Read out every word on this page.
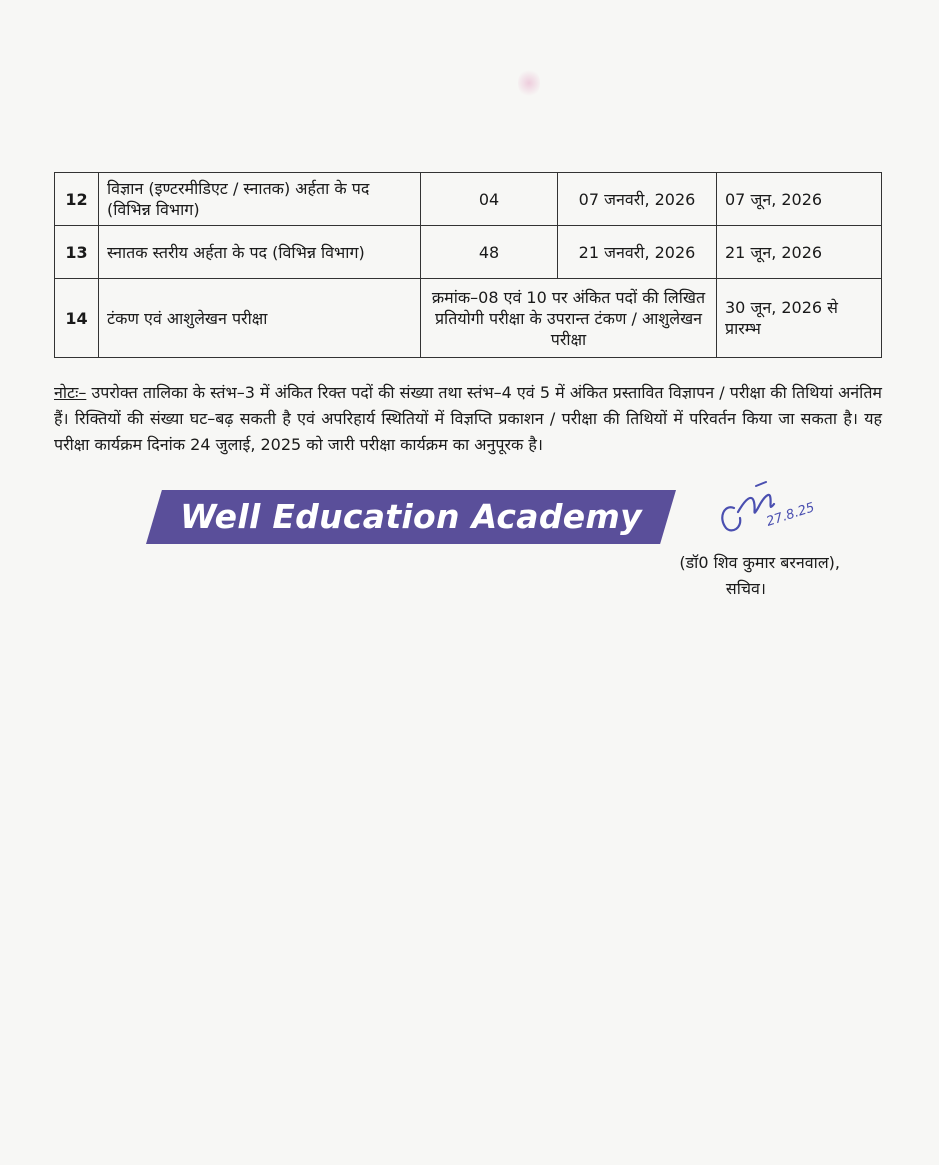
12	विज्ञान (इण्टरमीडिएट / स्नातक) अर्हता के पद (विभिन्न विभाग)	04	07 जनवरी, 2026	07 जून, 2026
13	स्नातक स्तरीय अर्हता के पद (विभिन्न विभाग)	48	21 जनवरी, 2026	21 जून, 2026
14	टंकण एवं आशुलेखन परीक्षा	क्रमांक–08 एवं 10 पर अंकित पदों की लिखित प्रतियोगी परीक्षा के उपरान्त टंकण / आशुलेखन परीक्षा		30 जून, 2026 से प्रारम्भ
नोटः– उपरोक्त तालिका के स्तंभ–3 में अंकित रिक्त पदों की संख्या तथा स्तंभ–4 एवं 5 में अंकित प्रस्तावित विज्ञापन / परीक्षा की तिथियां अनंतिम हैं। रिक्तियों की संख्या घट–बढ़ सकती है एवं अपरिहार्य स्थितियों में विज्ञप्ति प्रकाशन / परीक्षा की तिथियों में परिवर्तन किया जा सकता है। यह परीक्षा कार्यक्रम दिनांक 24 जुलाई, 2025 को जारी परीक्षा कार्यक्रम का अनुपूरक है।
Well Education Academy	27.8.25
(डॉ0 शिव कुमार बरनवाल),
सचिव।
